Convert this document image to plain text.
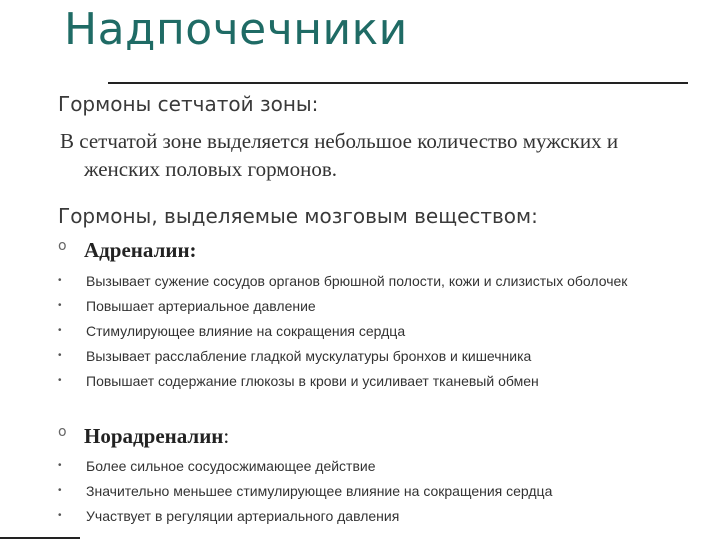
Надпочечники
Гормоны сетчатой зоны:
В сетчатой зоне выделяется небольшое количество мужских и
женских половых гормонов.
Гормоны, выделяемые мозговым веществом:
o Адреналин:
• Вызывает сужение сосудов органов брюшной полости, кожи и слизистых оболочек
• Повышает артериальное давление
• Стимулирующее влияние на сокращения сердца
• Вызывает расслабление гладкой мускулатуры бронхов и кишечника
• Повышает содержание глюкозы в крови и усиливает тканевый обмен
o Норадреналин:
• Более сильное сосудосжимающее действие
• Значительно меньшее стимулирующее влияние на сокращения сердца
• Участвует в регуляции артериального давления
